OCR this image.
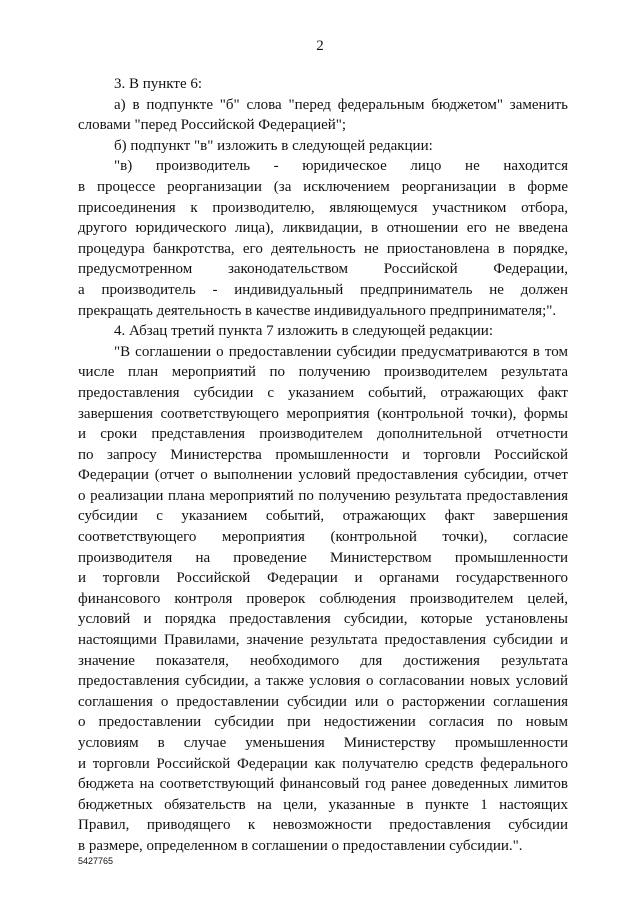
2

3. В пункте 6:

а) в подпункте "б" слова "перед федеральным бюджетом" заменить

словами "перед Российской Федерацией";

б) подпункт "в" изложить в следующей редакции:

"в) производитель - юридическое лицо не находится

в процессе реорганизации (за исключением реорганизации в форме

присоединения к производителю, являющемуся участником отбора,

другого юридического лица), ликвидации, в отношении его не введена

процедура банкротства, его деятельность не приостановлена в порядке,

предусмотренном законодательством Российской Федерации,

а производитель - индивидуальный предприниматель не должен

прекращать деятельность в качестве индивидуального предпринимателя;".

4. Абзац третий пункта 7 изложить в следующей редакции:

"В соглашении о предоставлении субсидии предусматриваются в том

числе план мероприятий по получению производителем результата

предоставления субсидии с указанием событий, отражающих факт

завершения соответствующего мероприятия (контрольной точки), формы

и сроки представления производителем дополнительной отчетности

по запросу Министерства промышленности и торговли Российской

Федерации (отчет о выполнении условий предоставления субсидии, отчет

о реализации плана мероприятий по получению результата предоставления

субсидии с указанием событий, отражающих факт завершения

соответствующего мероприятия (контрольной точки), согласие

производителя на проведение Министерством промышленности

и торговли Российской Федерации и органами государственного

финансового контроля проверок соблюдения производителем целей,

условий и порядка предоставления субсидии, которые установлены

настоящими Правилами, значение результата предоставления субсидии и

значение показателя, необходимого для достижения результата

предоставления субсидии, а также условия о согласовании новых условий

соглашения о предоставлении субсидии или о расторжении соглашения

о предоставлении субсидии при недостижении согласия по новым

условиям в случае уменьшения Министерству промышленности

и торговли Российской Федерации как получателю средств федерального

бюджета на соответствующий финансовый год ранее доведенных лимитов

бюджетных обязательств на цели, указанные в пункте 1 настоящих

Правил, приводящего к невозможности предоставления субсидии

в размере, определенном в соглашении о предоставлении субсидии.".

5427765
